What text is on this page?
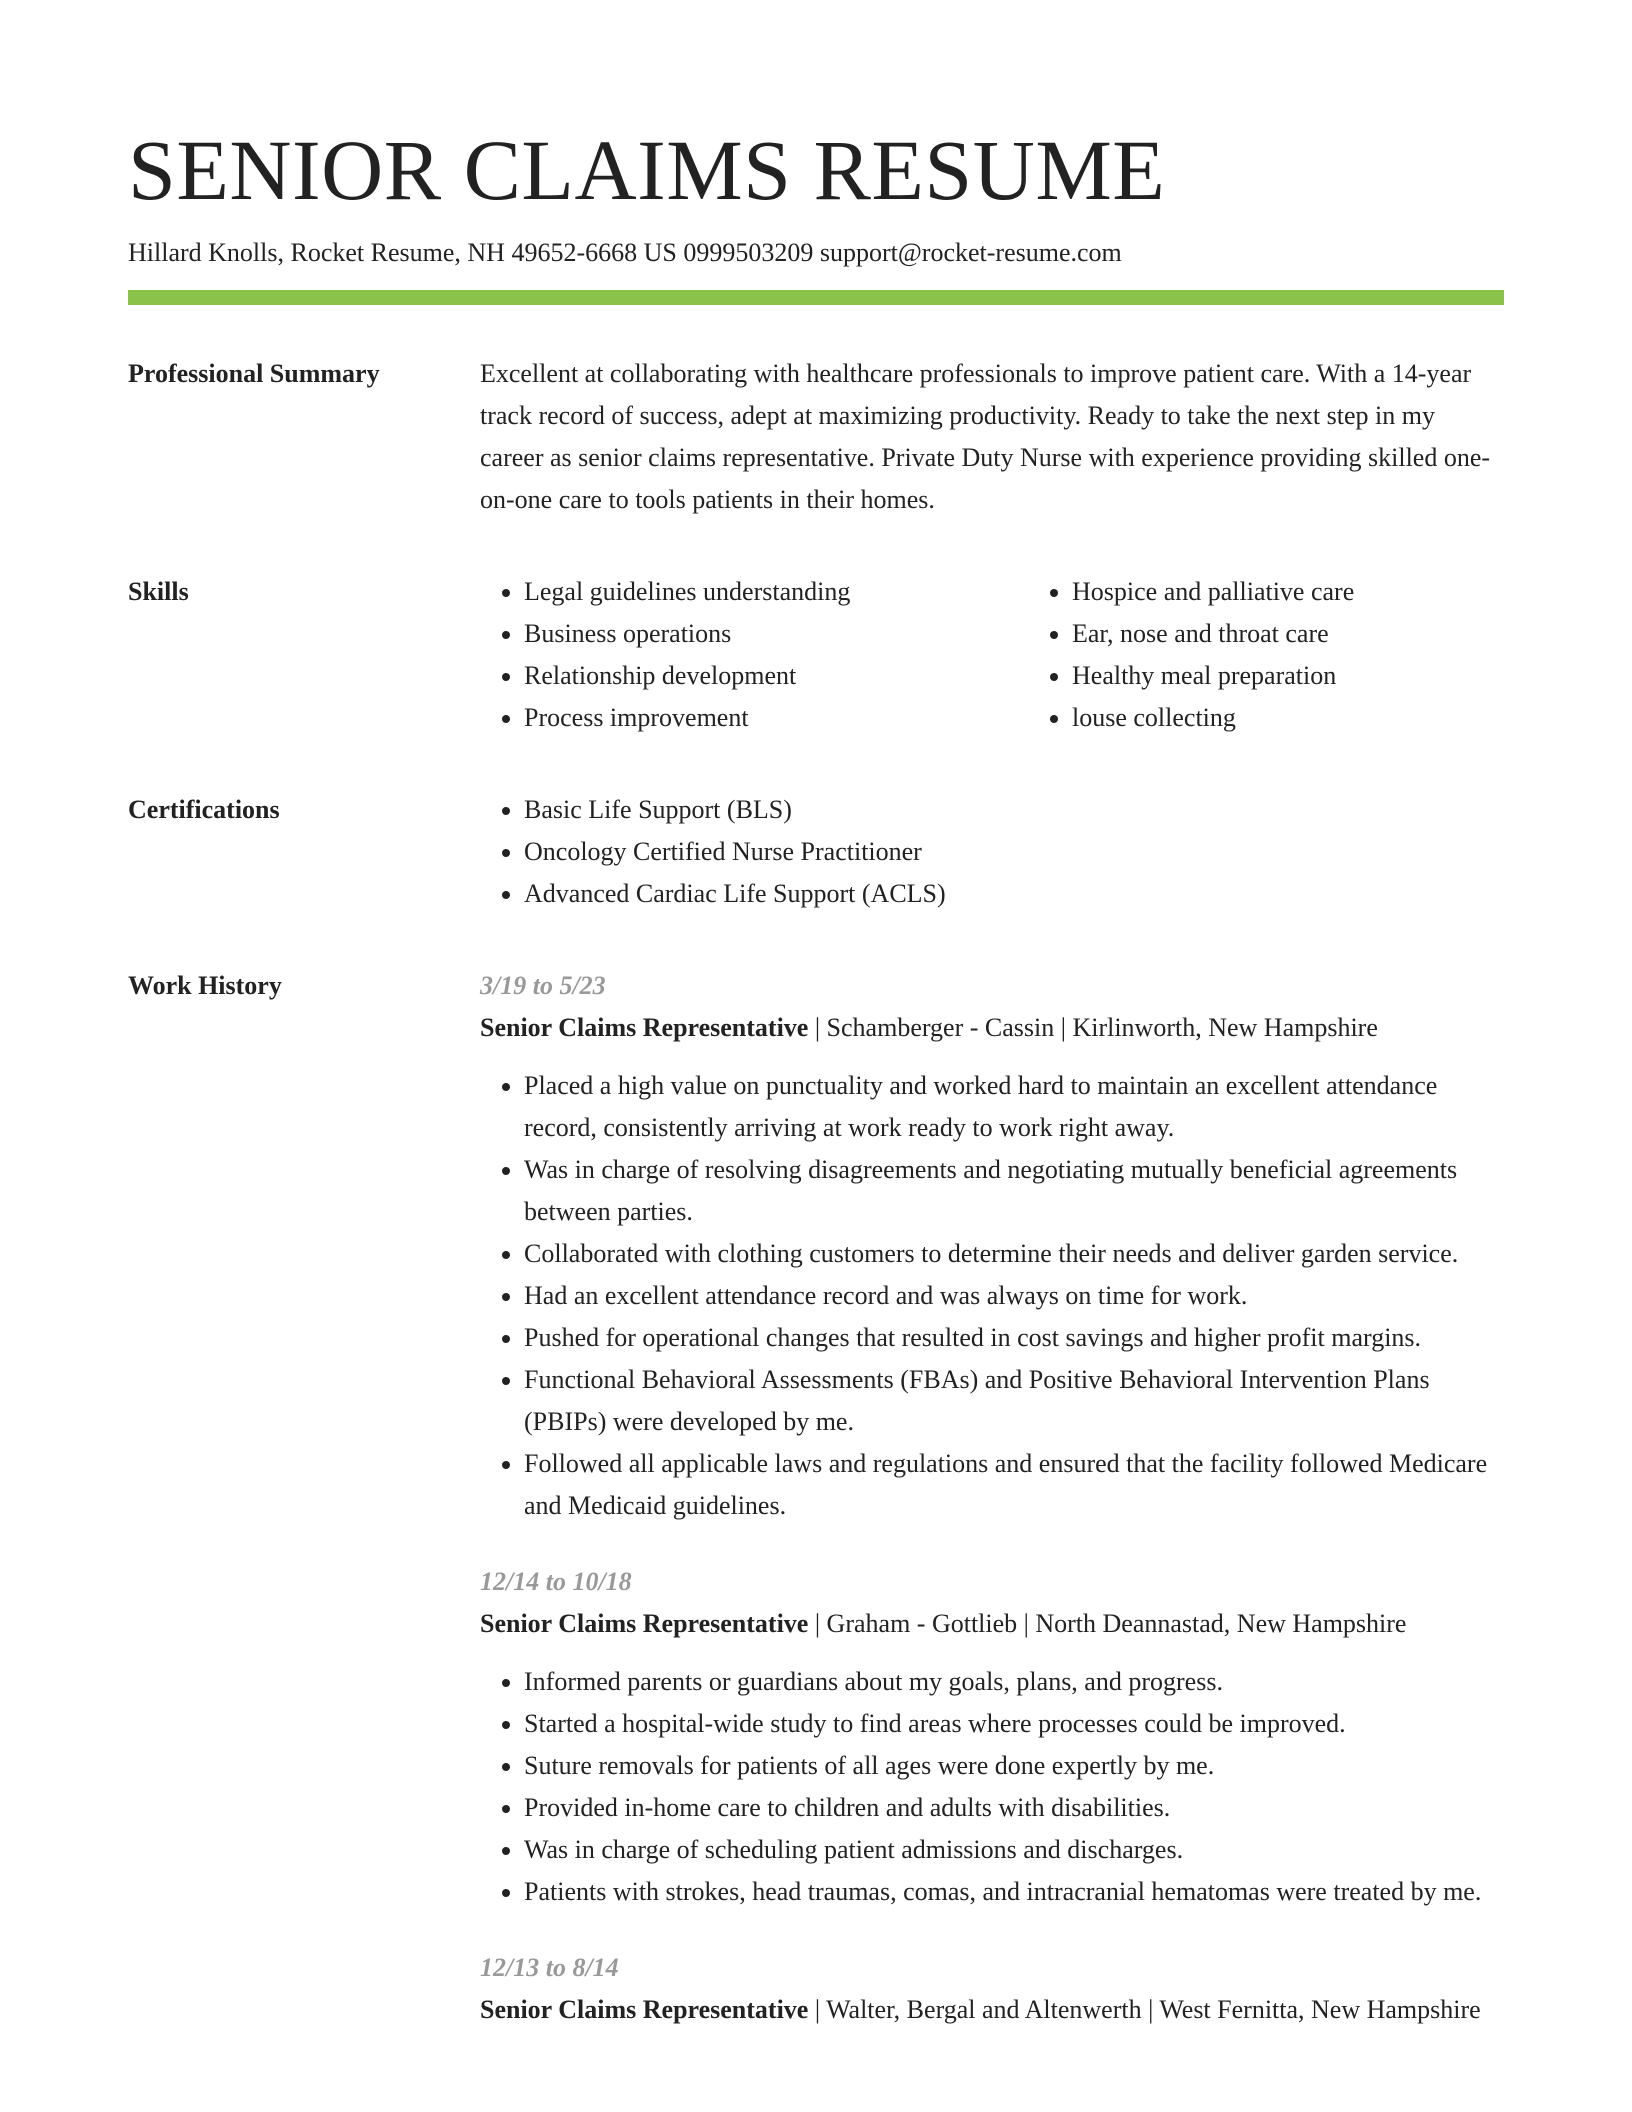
SENIOR CLAIMS RESUME
Hillard Knolls, Rocket Resume, NH 49652-6668 US 0999503209 support@rocket-resume.com
Professional Summary	Excellent at collaborating with healthcare professionals to improve patient care. With a 14-year track record of success, adept at maximizing productivity. Ready to take the next step in my career as senior claims representative. Private Duty Nurse with experience providing skilled one-on-one care to tools patients in their homes.

Skills	• Legal guidelines understanding
• Business operations
• Relationship development
• Process improvement
• Hospice and palliative care
• Ear, nose and throat care
• Healthy meal preparation
• louse collecting
Certifications	• Basic Life Support (BLS)
• Oncology Certified Nurse Practitioner
• Advanced Cardiac Life Support (ACLS)
Work History	3/19 to 5/23
Senior Claims Representative | Schamberger - Cassin | Kirlinworth, New Hampshire
• Placed a high value on punctuality and worked hard to maintain an excellent attendance record, consistently arriving at work ready to work right away.
• Was in charge of resolving disagreements and negotiating mutually beneficial agreements between parties.
• Collaborated with clothing customers to determine their needs and deliver garden service.
• Had an excellent attendance record and was always on time for work.
• Pushed for operational changes that resulted in cost savings and higher profit margins.
• Functional Behavioral Assessments (FBAs) and Positive Behavioral Intervention Plans (PBIPs) were developed by me.
• Followed all applicable laws and regulations and ensured that the facility followed Medicare and Medicaid guidelines.
12/14 to 10/18
Senior Claims Representative | Graham - Gottlieb | North Deannastad, New Hampshire
• Informed parents or guardians about my goals, plans, and progress.
• Started a hospital-wide study to find areas where processes could be improved.
• Suture removals for patients of all ages were done expertly by me.
• Provided in-home care to children and adults with disabilities.
• Was in charge of scheduling patient admissions and discharges.
• Patients with strokes, head traumas, comas, and intracranial hematomas were treated by me.
12/13 to 8/14
Senior Claims Representative | Walter, Bergal and Altenwerth | West Fernitta, New Hampshire
